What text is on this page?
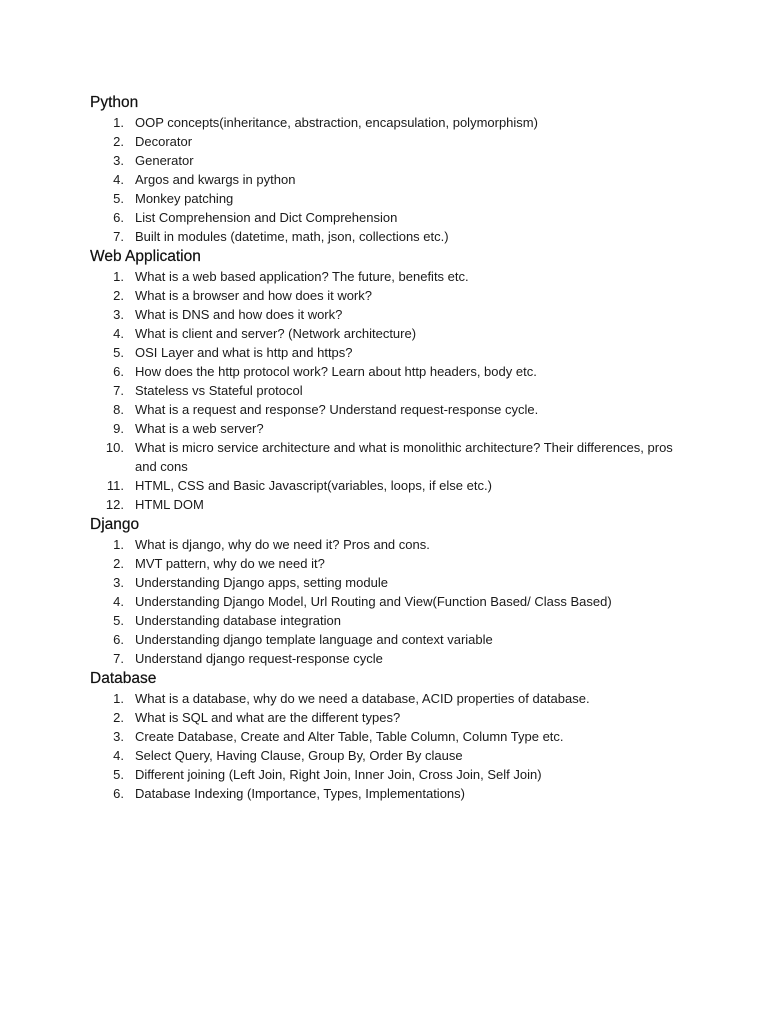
Python
1. OOP concepts(inheritance, abstraction, encapsulation, polymorphism)
2. Decorator
3. Generator
4. Argos and kwargs in python
5. Monkey patching
6. List Comprehension and Dict Comprehension
7. Built in modules (datetime, math, json, collections etc.)
Web Application
1. What is a web based application? The future, benefits etc.
2. What is a browser and how does it work?
3. What is DNS and how does it work?
4. What is client and server? (Network architecture)
5. OSI Layer and what is http and https?
6. How does the http protocol work? Learn about http headers, body etc.
7. Stateless vs Stateful protocol
8. What is a request and response? Understand request-response cycle.
9. What is a web server?
10. What is micro service architecture and what is monolithic architecture? Their differences, pros and cons
11. HTML, CSS and Basic Javascript(variables, loops, if else etc.)
12. HTML DOM
Django
1. What is django, why do we need it? Pros and cons.
2. MVT pattern, why do we need it?
3. Understanding Django apps, setting module
4. Understanding Django Model, Url Routing and View(Function Based/ Class Based)
5. Understanding database integration
6. Understanding django template language and context variable
7. Understand django request-response cycle
Database
1. What is a database, why do we need a database, ACID properties of database.
2. What is SQL and what are the different types?
3. Create Database, Create and Alter Table, Table Column, Column Type etc.
4. Select Query, Having Clause, Group By, Order By clause
5. Different joining (Left Join, Right Join, Inner Join, Cross Join, Self Join)
6. Database Indexing (Importance, Types, Implementations)
